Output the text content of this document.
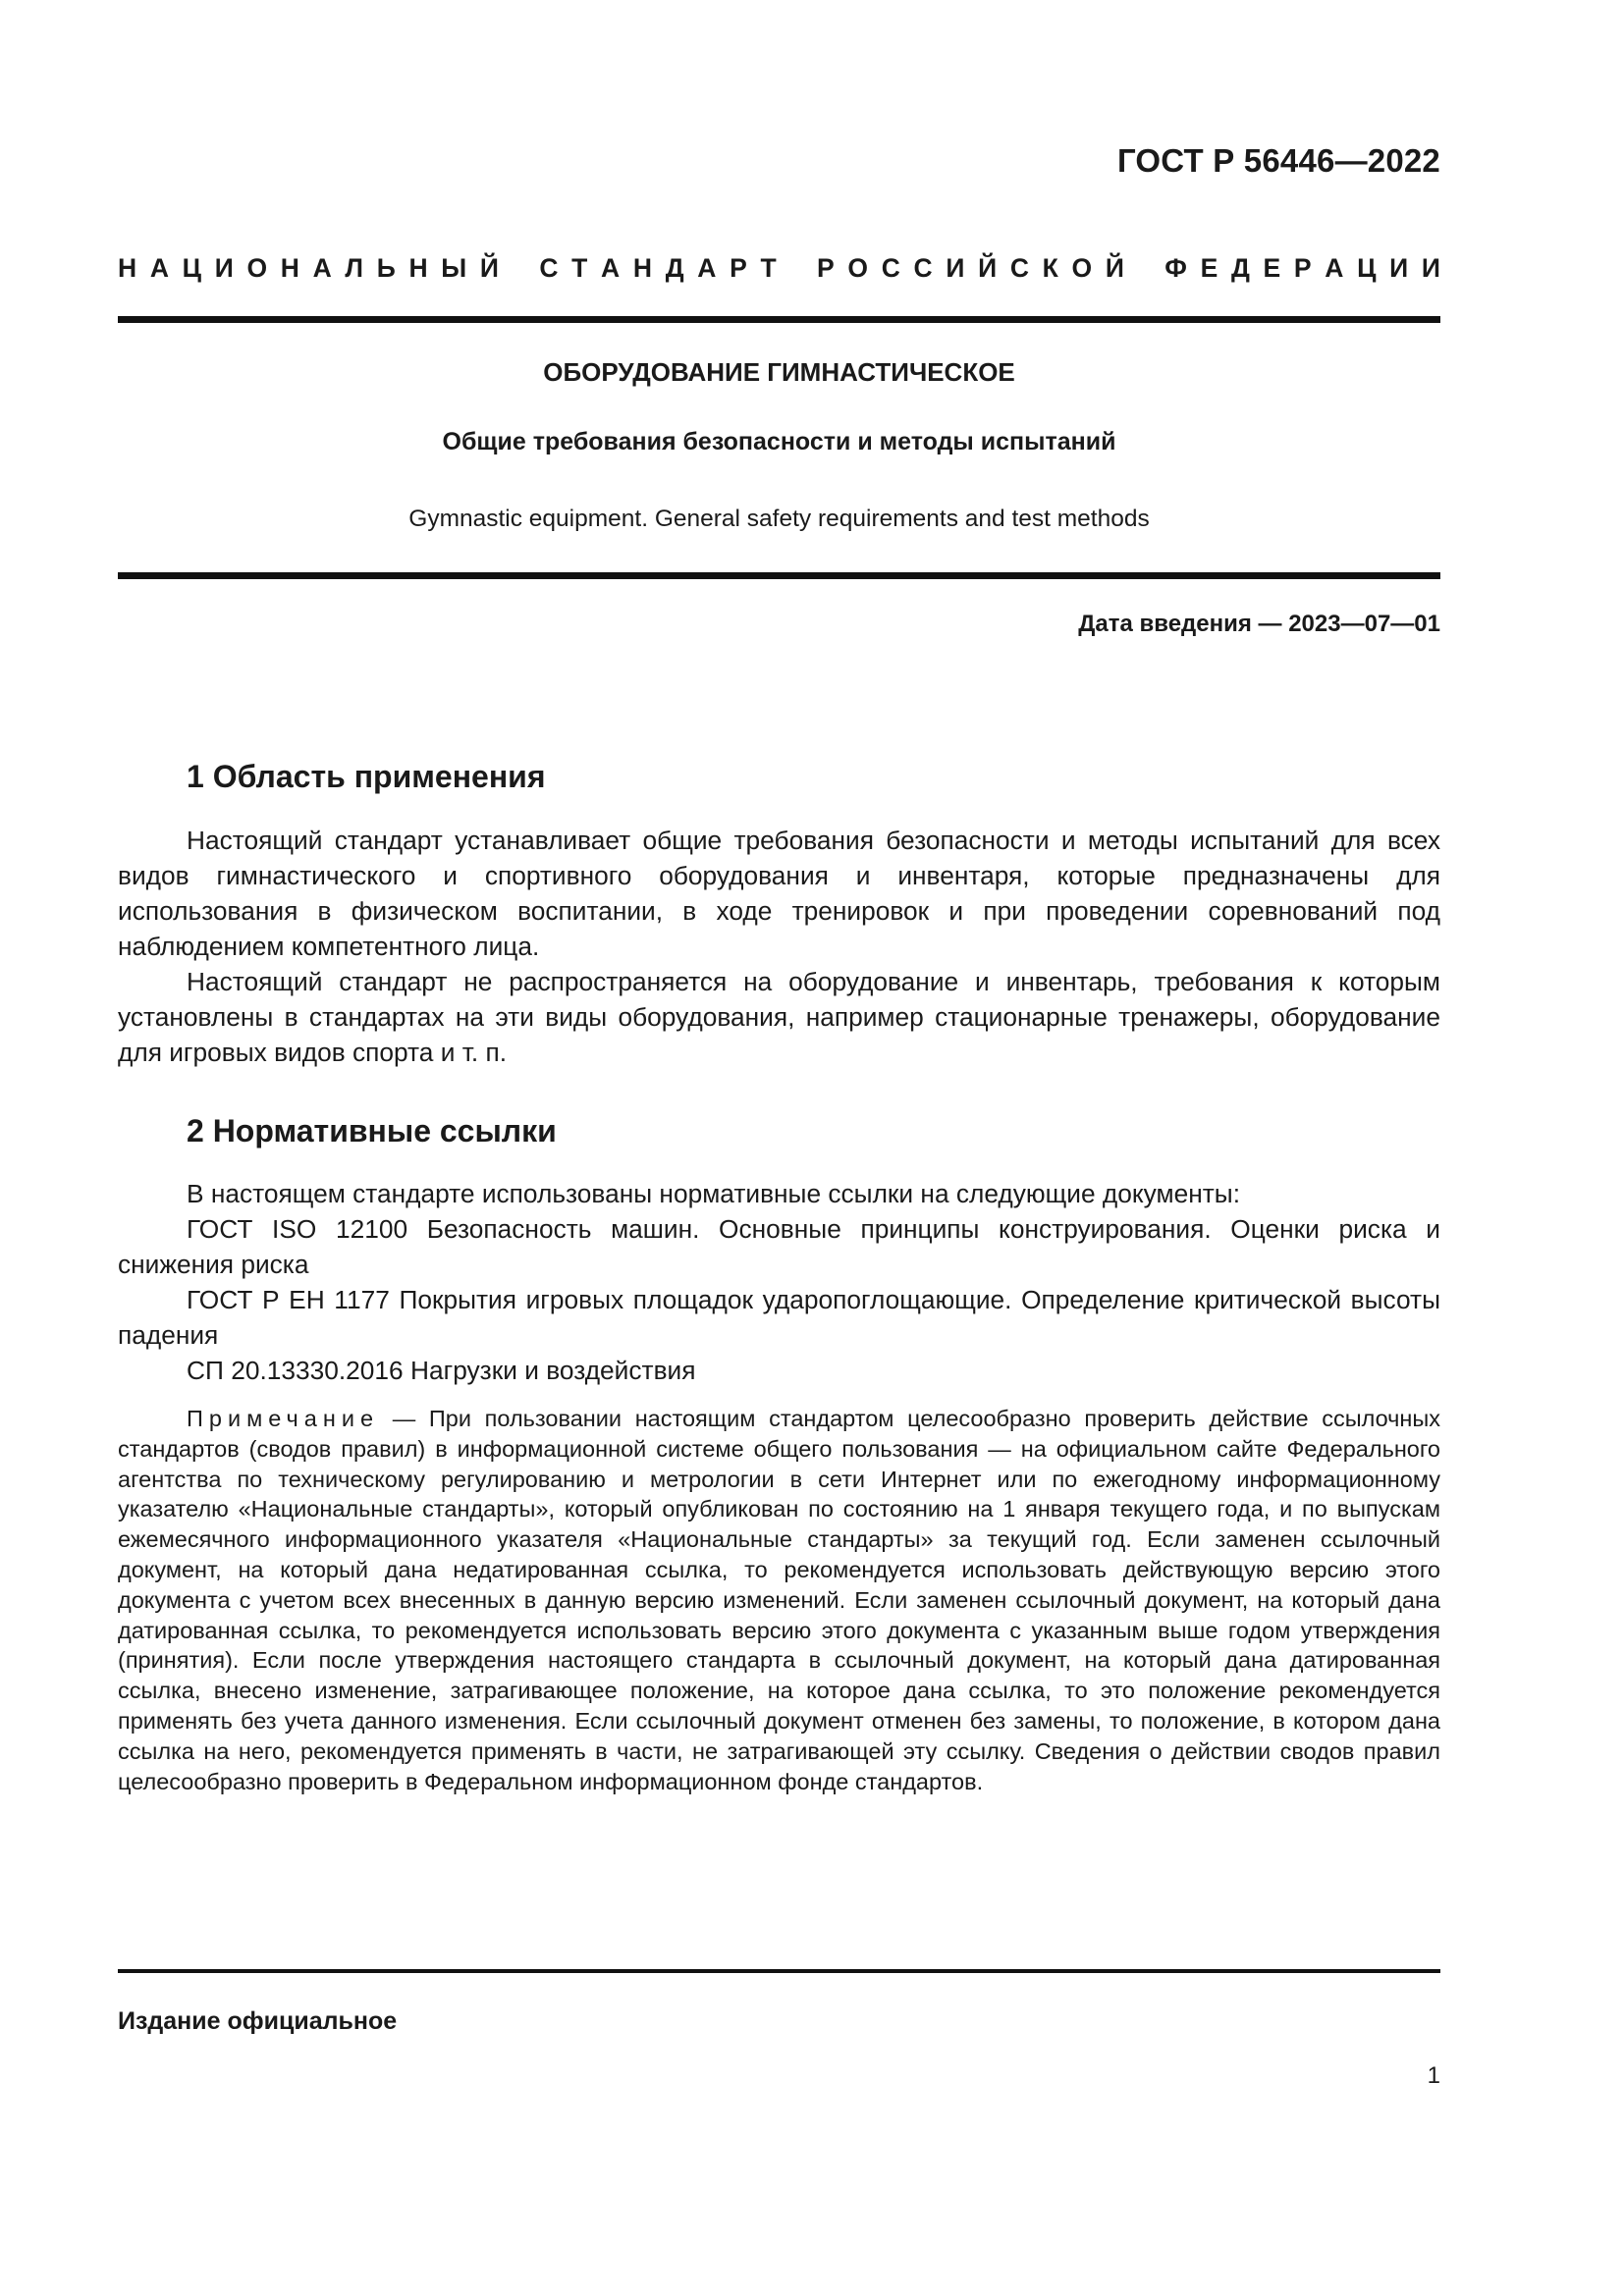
ГОСТ Р 56446—2022
Н А Ц И О Н А Л Ь Н Ы Й
С Т А Н Д А Р Т
Р О С С И Й С К О Й
Ф Е Д Е Р А Ц И И
ОБОРУДОВАНИЕ ГИМНАСТИЧЕСКОЕ
Общие требования безопасности и методы испытаний
Gymnastic equipment. General safety requirements and test methods
Дата введения — 2023—07—01
1 Область применения
Настоящий стандарт устанавливает общие требования безопасности и методы испытаний для всех видов гимнастического и спортивного оборудования и инвентаря, которые предназначены для использования в физическом воспитании, в ходе тренировок и при проведении соревнований под наблюдением компетентного лица.
Настоящий стандарт не распространяется на оборудование и инвентарь, требования к которым установлены в стандартах на эти виды оборудования, например стационарные тренажеры, оборудование для игровых видов спорта и т. п.
2 Нормативные ссылки
В настоящем стандарте использованы нормативные ссылки на следующие документы:
ГОСТ ISO 12100 Безопасность машин. Основные принципы конструирования. Оценки риска и снижения риска
ГОСТ Р ЕН 1177 Покрытия игровых площадок ударопоглощающие. Определение критической высоты падения
СП 20.13330.2016 Нагрузки и воздействия
Примечание — При пользовании настоящим стандартом целесообразно проверить действие ссылочных стандартов (сводов правил) в информационной системе общего пользования — на официальном сайте Федерального агентства по техническому регулированию и метрологии в сети Интернет или по ежегодному информационному указателю «Национальные стандарты», который опубликован по состоянию на 1 января текущего года, и по выпускам ежемесячного информационного указателя «Национальные стандарты» за текущий год. Если заменен ссылочный документ, на который дана недатированная ссылка, то рекомендуется использовать действующую версию этого документа с учетом всех внесенных в данную версию изменений. Если заменен ссылочный документ, на который дана датированная ссылка, то рекомендуется использовать версию этого документа с указанным выше годом утверждения (принятия). Если после утверждения настоящего стандарта в ссылочный документ, на который дана датированная ссылка, внесено изменение, затрагивающее положение, на которое дана ссылка, то это положение рекомендуется применять без учета данного изменения. Если ссылочный документ отменен без замены, то положение, в котором дана ссылка на него, рекомендуется применять в части, не затрагивающей эту ссылку. Сведения о действии сводов правил целесообразно проверить в Федеральном информационном фонде стандартов.
Издание официальное
1
